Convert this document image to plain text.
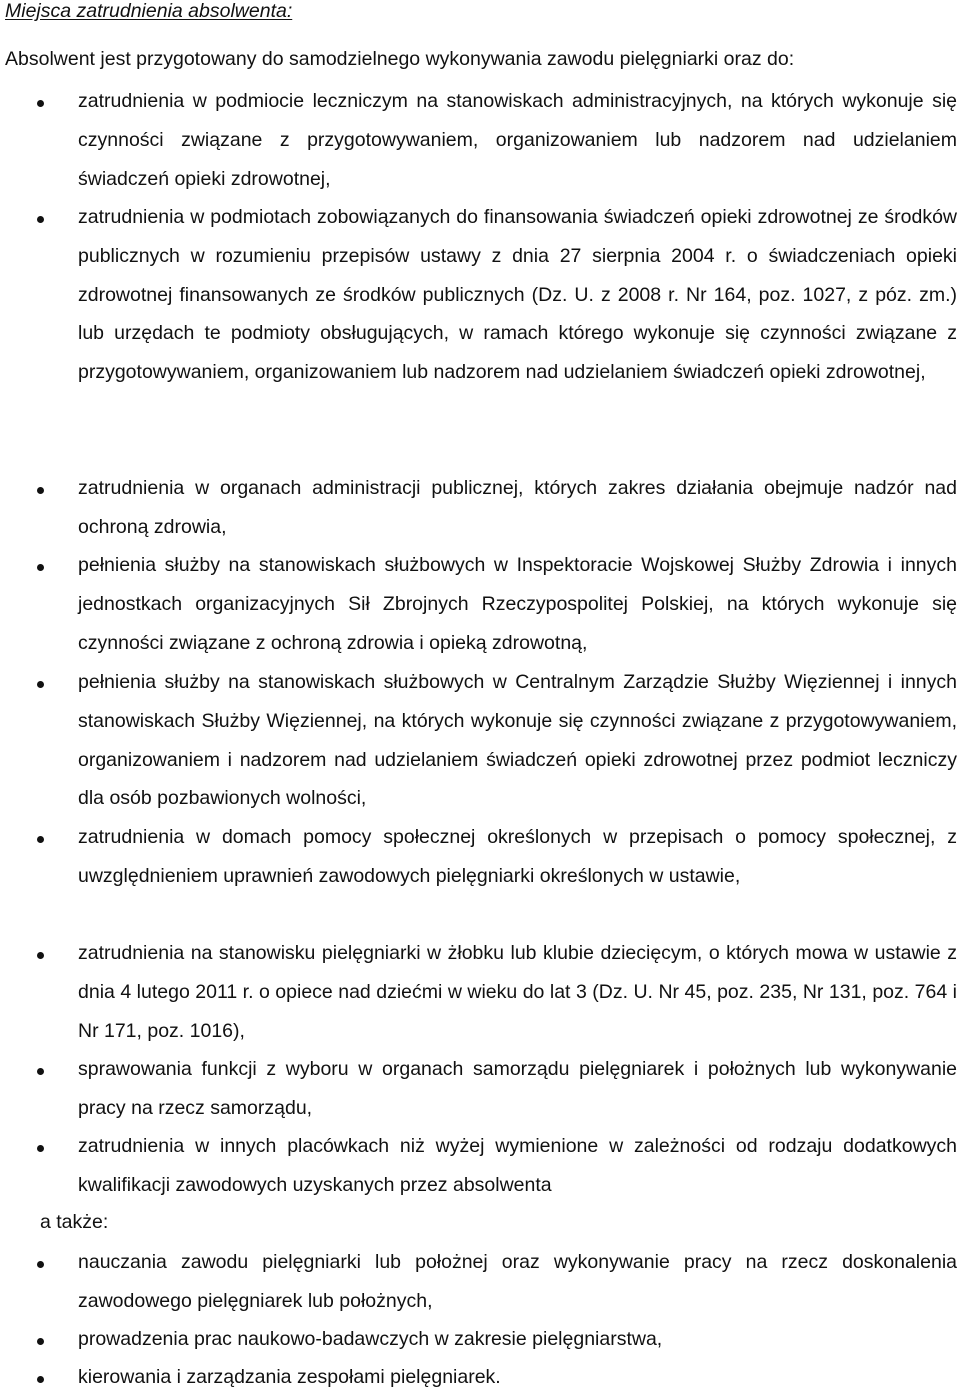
Miejsca zatrudnienia absolwenta:
Absolwent jest przygotowany do samodzielnego wykonywania zawodu pielęgniarki oraz do:
zatrudnienia w podmiocie leczniczym na stanowiskach administracyjnych, na których wykonuje się czynności związane z przygotowywaniem, organizowaniem lub nadzorem nad udzielaniem świadczeń opieki zdrowotnej,
zatrudnienia w podmiotach zobowiązanych do finansowania świadczeń opieki zdrowotnej ze środków publicznych w rozumieniu przepisów ustawy z dnia 27 sierpnia 2004 r. o świadczeniach opieki zdrowotnej finansowanych ze środków publicznych (Dz. U. z 2008 r. Nr 164, poz. 1027, z póz. zm.) lub urzędach te podmioty obsługujących, w ramach którego wykonuje się czynności związane z przygotowywaniem, organizowaniem lub nadzorem nad udzielaniem świadczeń opieki zdrowotnej,
zatrudnienia w organach administracji publicznej, których zakres działania obejmuje nadzór nad ochroną zdrowia,
pełnienia służby na stanowiskach służbowych w Inspektoracie Wojskowej Służby Zdrowia i innych jednostkach organizacyjnych Sił Zbrojnych Rzeczypospolitej Polskiej, na których wykonuje się czynności związane z ochroną zdrowia i opieką zdrowotną,
pełnienia służby na stanowiskach służbowych w Centralnym Zarządzie Służby Więziennej i innych stanowiskach Służby Więziennej, na których wykonuje się czynności związane z przygotowywaniem, organizowaniem i nadzorem nad udzielaniem świadczeń opieki zdrowotnej przez podmiot leczniczy dla osób pozbawionych wolności,
zatrudnienia w domach pomocy społecznej określonych w przepisach o pomocy społecznej, z uwzględnieniem uprawnień zawodowych pielęgniarki określonych w ustawie,
zatrudnienia na stanowisku pielęgniarki w żłobku lub klubie dziecięcym, o których mowa w ustawie z dnia 4 lutego 2011 r. o opiece nad dziećmi w wieku do lat 3 (Dz. U. Nr 45, poz. 235, Nr 131, poz. 764 i Nr 171, poz. 1016),
sprawowania funkcji z wyboru w organach samorządu pielęgniarek i położnych lub wykonywanie pracy na rzecz samorządu,
zatrudnienia w innych placówkach niż wyżej wymienione w zależności od rodzaju dodatkowych kwalifikacji zawodowych uzyskanych przez absolwenta
a także:
nauczania zawodu pielęgniarki lub położnej oraz wykonywanie pracy na rzecz doskonalenia zawodowego pielęgniarek lub położnych,
prowadzenia prac naukowo-badawczych w zakresie pielęgniarstwa,
kierowania i zarządzania zespołami pielęgniarek.
